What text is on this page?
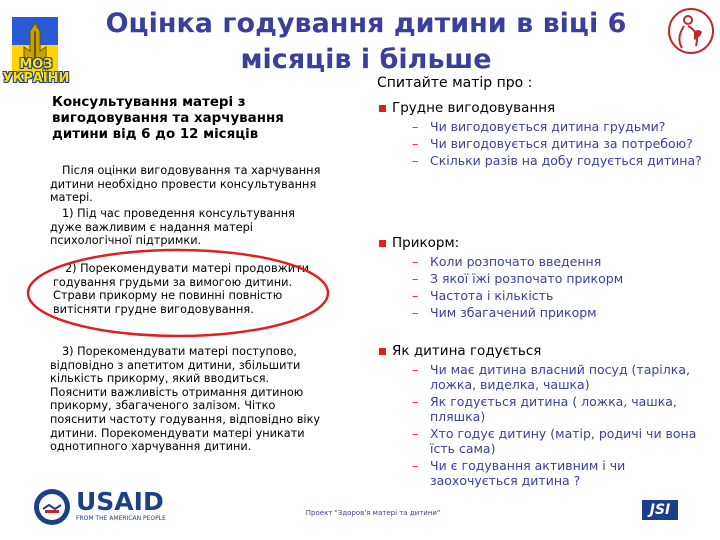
МОЗ
УКРАЇНИ
Оцінка годування дитини в віці 6 місяців і більше
Консультування матері з вигодовування та харчування дитини від 6 до 12 місяців
Після оцінки вигодовування та харчування дитини необхідно провести консультування матері.
1) Під час проведення консультування дуже важливим є надання матері психологічної підтримки.
2) Порекомендувати матері продовжити годування грудьми за вимогою дитини. Страви прикорму не повинні повністю витісняти грудне вигодовування.
3) Порекомендувати матері поступово, відповідно з апетитом дитини, збільшити кількість прикорму, який вводиться. Пояснити важливість отримання дитиною прикорму, збагаченого залізом. Чітко пояснити частоту годування, відповідно віку дитини. Порекомендувати матері уникати однотипного харчування дитини.
Спитайте матір про :
Грудне вигодовування
– Чи вигодовується дитина грудьми?
– Чи вигодовується дитина за потребою?
– Скільки разів на добу годується дитина?
Прикорм:
– Коли розпочато введення
– З якої їжі розпочато прикорм
– Частота і кількість
– Чим збагачений прикорм
Як дитина годується
– Чи має дитина власний посуд (тарілка, ложка, виделка, чашка)
– Як годується дитина ( ложка, чашка, пляшка)
– Хто годує дитину (матір, родичі чи вона їсть сама)
– Чи є годування активним і чи заохочується дитина ?
USAID
FROM THE AMERICAN PEOPLE
Проект "Здоров'я матері та дитини"	JSI
